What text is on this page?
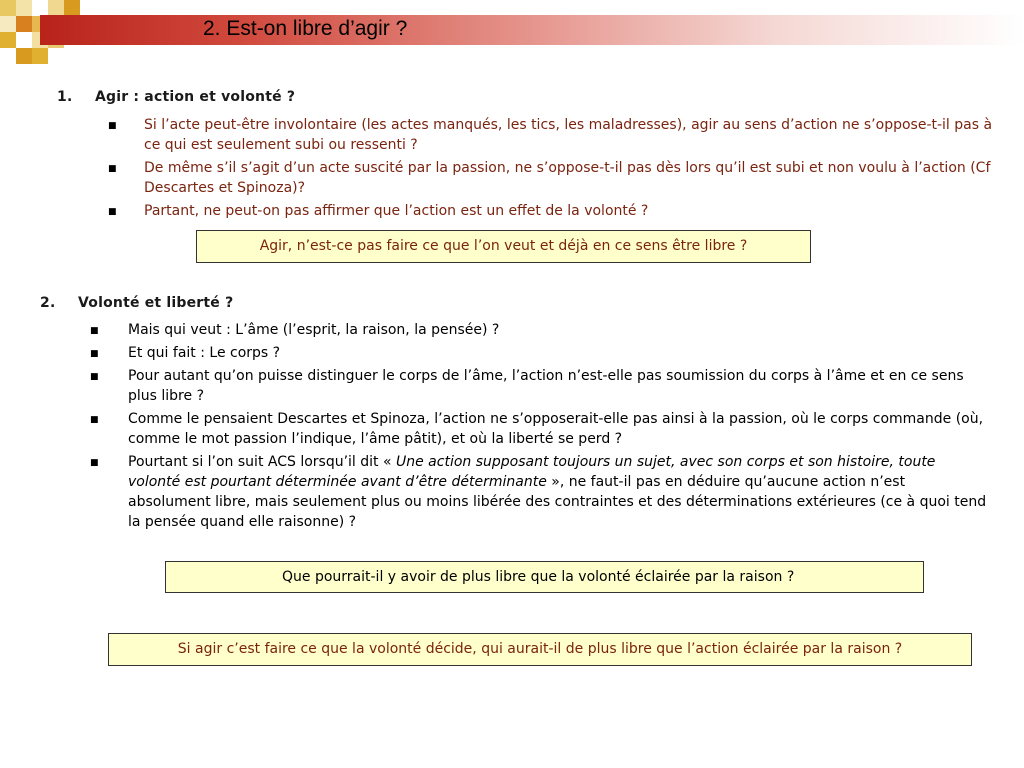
2. Est-on libre d’agir ?
1. Agir : action et volonté ?
■ Si l’acte peut-être involontaire (les actes manqués, les tics, les maladresses), agir au sens d’action ne s’oppose-t-il pas à ce qui est seulement subi ou ressenti ?
■ De même s’il s’agit d’un acte suscité par la passion, ne s’oppose-t-il pas dès lors qu’il est subi et non voulu à l’action (Cf Descartes et Spinoza)?
■ Partant, ne peut-on pas affirmer que l’action est un effet de la volonté ?
Agir, n’est-ce pas faire ce que l’on veut et déjà en ce sens être libre ?
2. Volonté et liberté ?
■ Mais qui veut : L’âme (l’esprit, la raison, la pensée) ?
■ Et qui fait : Le corps ?
■ Pour autant qu’on puisse distinguer le corps de l’âme, l’action n’est-elle pas soumission du corps à l’âme et en ce sens plus libre ?
■ Comme le pensaient Descartes et Spinoza, l’action ne s’opposerait-elle pas ainsi à la passion, où le corps commande (où, comme le mot passion l’indique, l’âme pâtit), et où la liberté se perd ?
■ Pourtant si l’on suit ACS lorsqu’il dit « Une action supposant toujours un sujet, avec son corps et son histoire, toute volonté est pourtant déterminée avant d’être déterminante », ne faut-il pas en déduire qu’aucune action n’est absolument libre, mais seulement plus ou moins libérée des contraintes et des déterminations extérieures (ce à quoi tend la pensée quand elle raisonne) ?
Que pourrait-il y avoir de plus libre que la volonté éclairée par la raison ?
Si agir c’est faire ce que la volonté décide, qui aurait-il de plus libre que l’action éclairée par la raison ?
